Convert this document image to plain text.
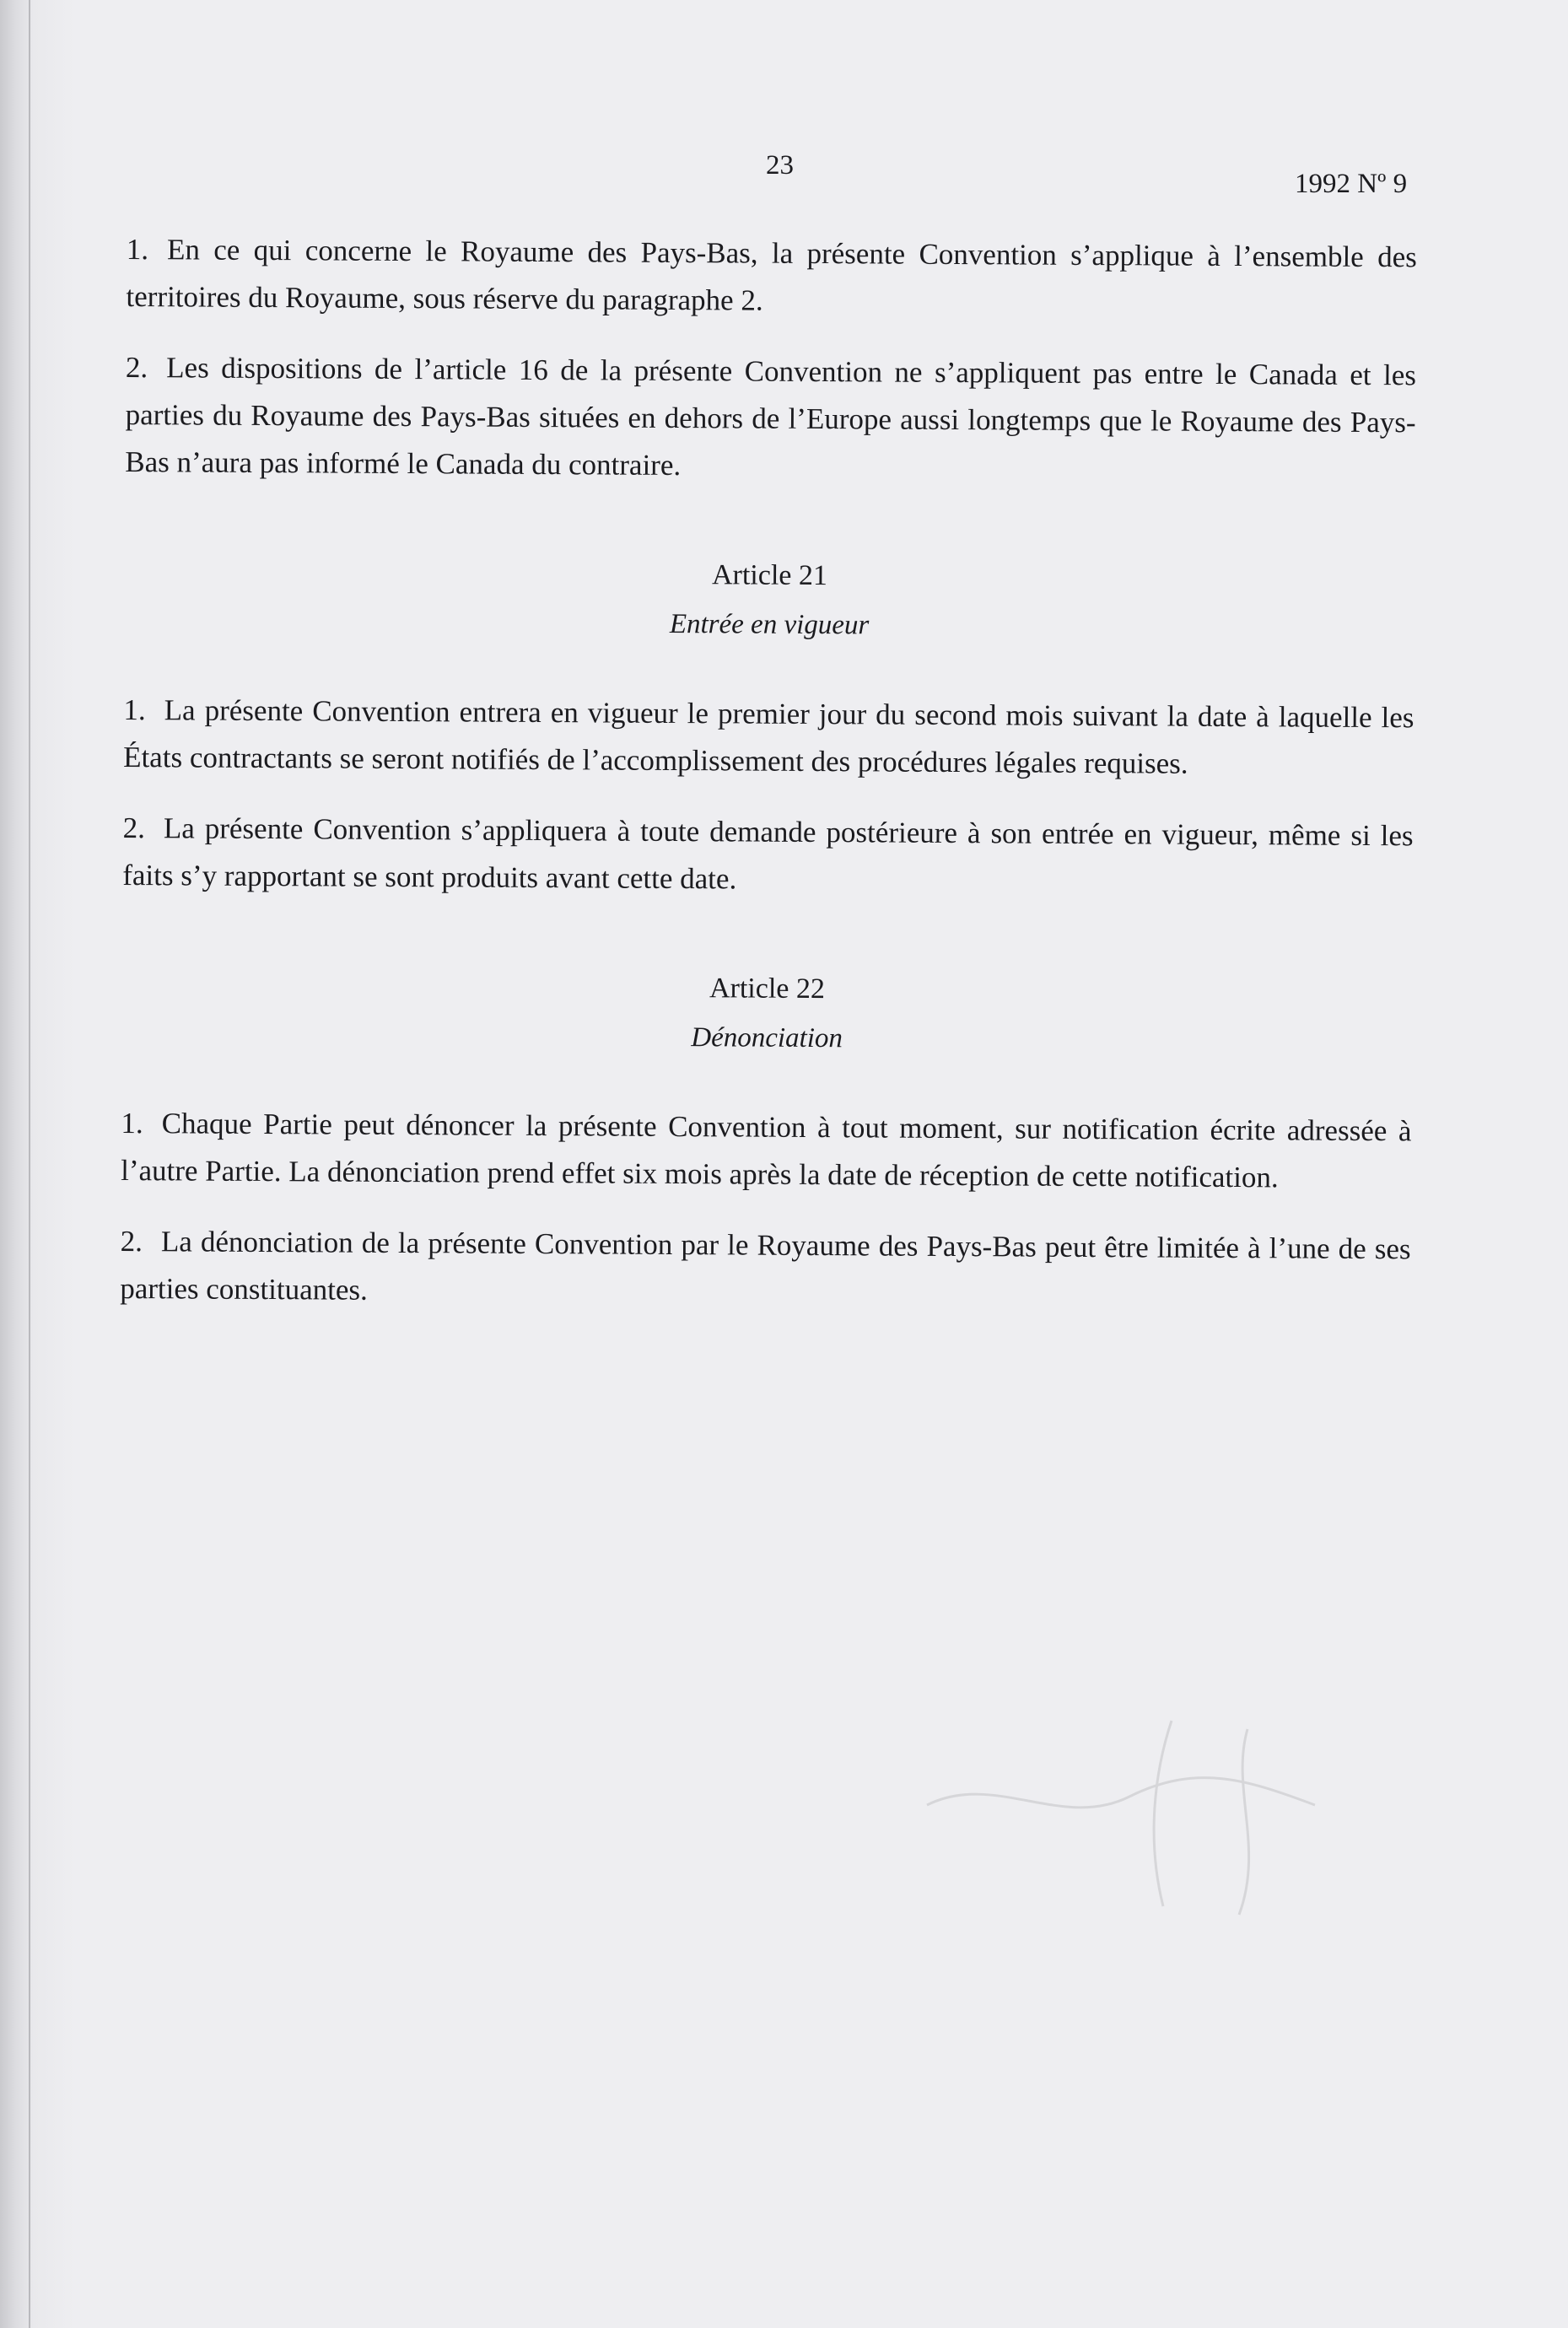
23
1992 Nº 9

1. En ce qui concerne le Royaume des Pays-Bas, la présente Convention s’applique à l’ensemble des territoires du Royaume, sous réserve du paragraphe 2.

2. Les dispositions de l’article 16 de la présente Convention ne s’appliquent pas entre le Canada et les parties du Royaume des Pays-Bas situées en dehors de l’Europe aussi longtemps que le Royaume des Pays-Bas n’aura pas informé le Canada du contraire.

Article 21
Entrée en vigueur

1. La présente Convention entrera en vigueur le premier jour du second mois suivant la date à laquelle les États contractants se seront notifiés de l’accomplissement des procédures légales requises.

2. La présente Convention s’appliquera à toute demande postérieure à son entrée en vigueur, même si les faits s’y rapportant se sont produits avant cette date.

Article 22
Dénonciation

1. Chaque Partie peut dénoncer la présente Convention à tout moment, sur notification écrite adressée à l’autre Partie. La dénonciation prend effet six mois après la date de réception de cette notification.

2. La dénonciation de la présente Convention par le Royaume des Pays-Bas peut être limitée à l’une de ses parties constituantes.
